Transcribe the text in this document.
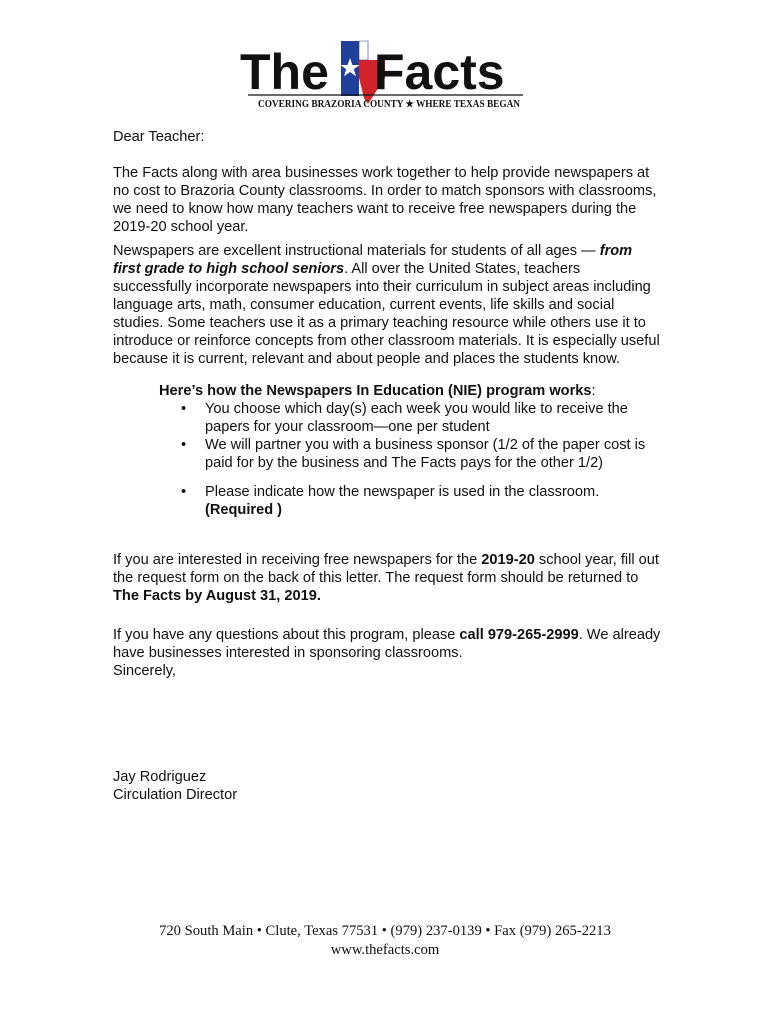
The Facts
COVERING BRAZORIA COUNTY ★ WHERE TEXAS BEGAN

Dear Teacher:

The Facts along with area businesses work together to help provide newspapers at no cost to Brazoria County classrooms. In order to match sponsors with classrooms, we need to know how many teachers want to receive free newspapers during the 2019-20 school year.

Newspapers are excellent instructional materials for students of all ages — from first grade to high school seniors. All over the United States, teachers successfully incorporate newspapers into their curriculum in subject areas including language arts, math, consumer education, current events, life skills and social studies. Some teachers use it as a primary teaching resource while others use it to introduce or reinforce concepts from other classroom materials. It is especially useful because it is current, relevant and about people and places the students know.

Here’s how the Newspapers In Education (NIE) program works:

• You choose which day(s) each week you would like to receive the papers for your classroom—one per student
• We will partner you with a business sponsor (1/2 of the paper cost is paid for by the business and The Facts pays for the other 1/2)
• Please indicate how the newspaper is used in the classroom.
(Required )

If you are interested in receiving free newspapers for the 2019-20 school year, fill out the request form on the back of this letter. The request form should be returned to The Facts by August 31, 2019.

If you have any questions about this program, please call 979-265-2999. We already have businesses interested in sponsoring classrooms.

Sincerely,

Jay Rodriguez

Circulation Director

720 South Main • Clute, Texas 77531 • (979) 237-0139 • Fax (979) 265-2213
www.thefacts.com
